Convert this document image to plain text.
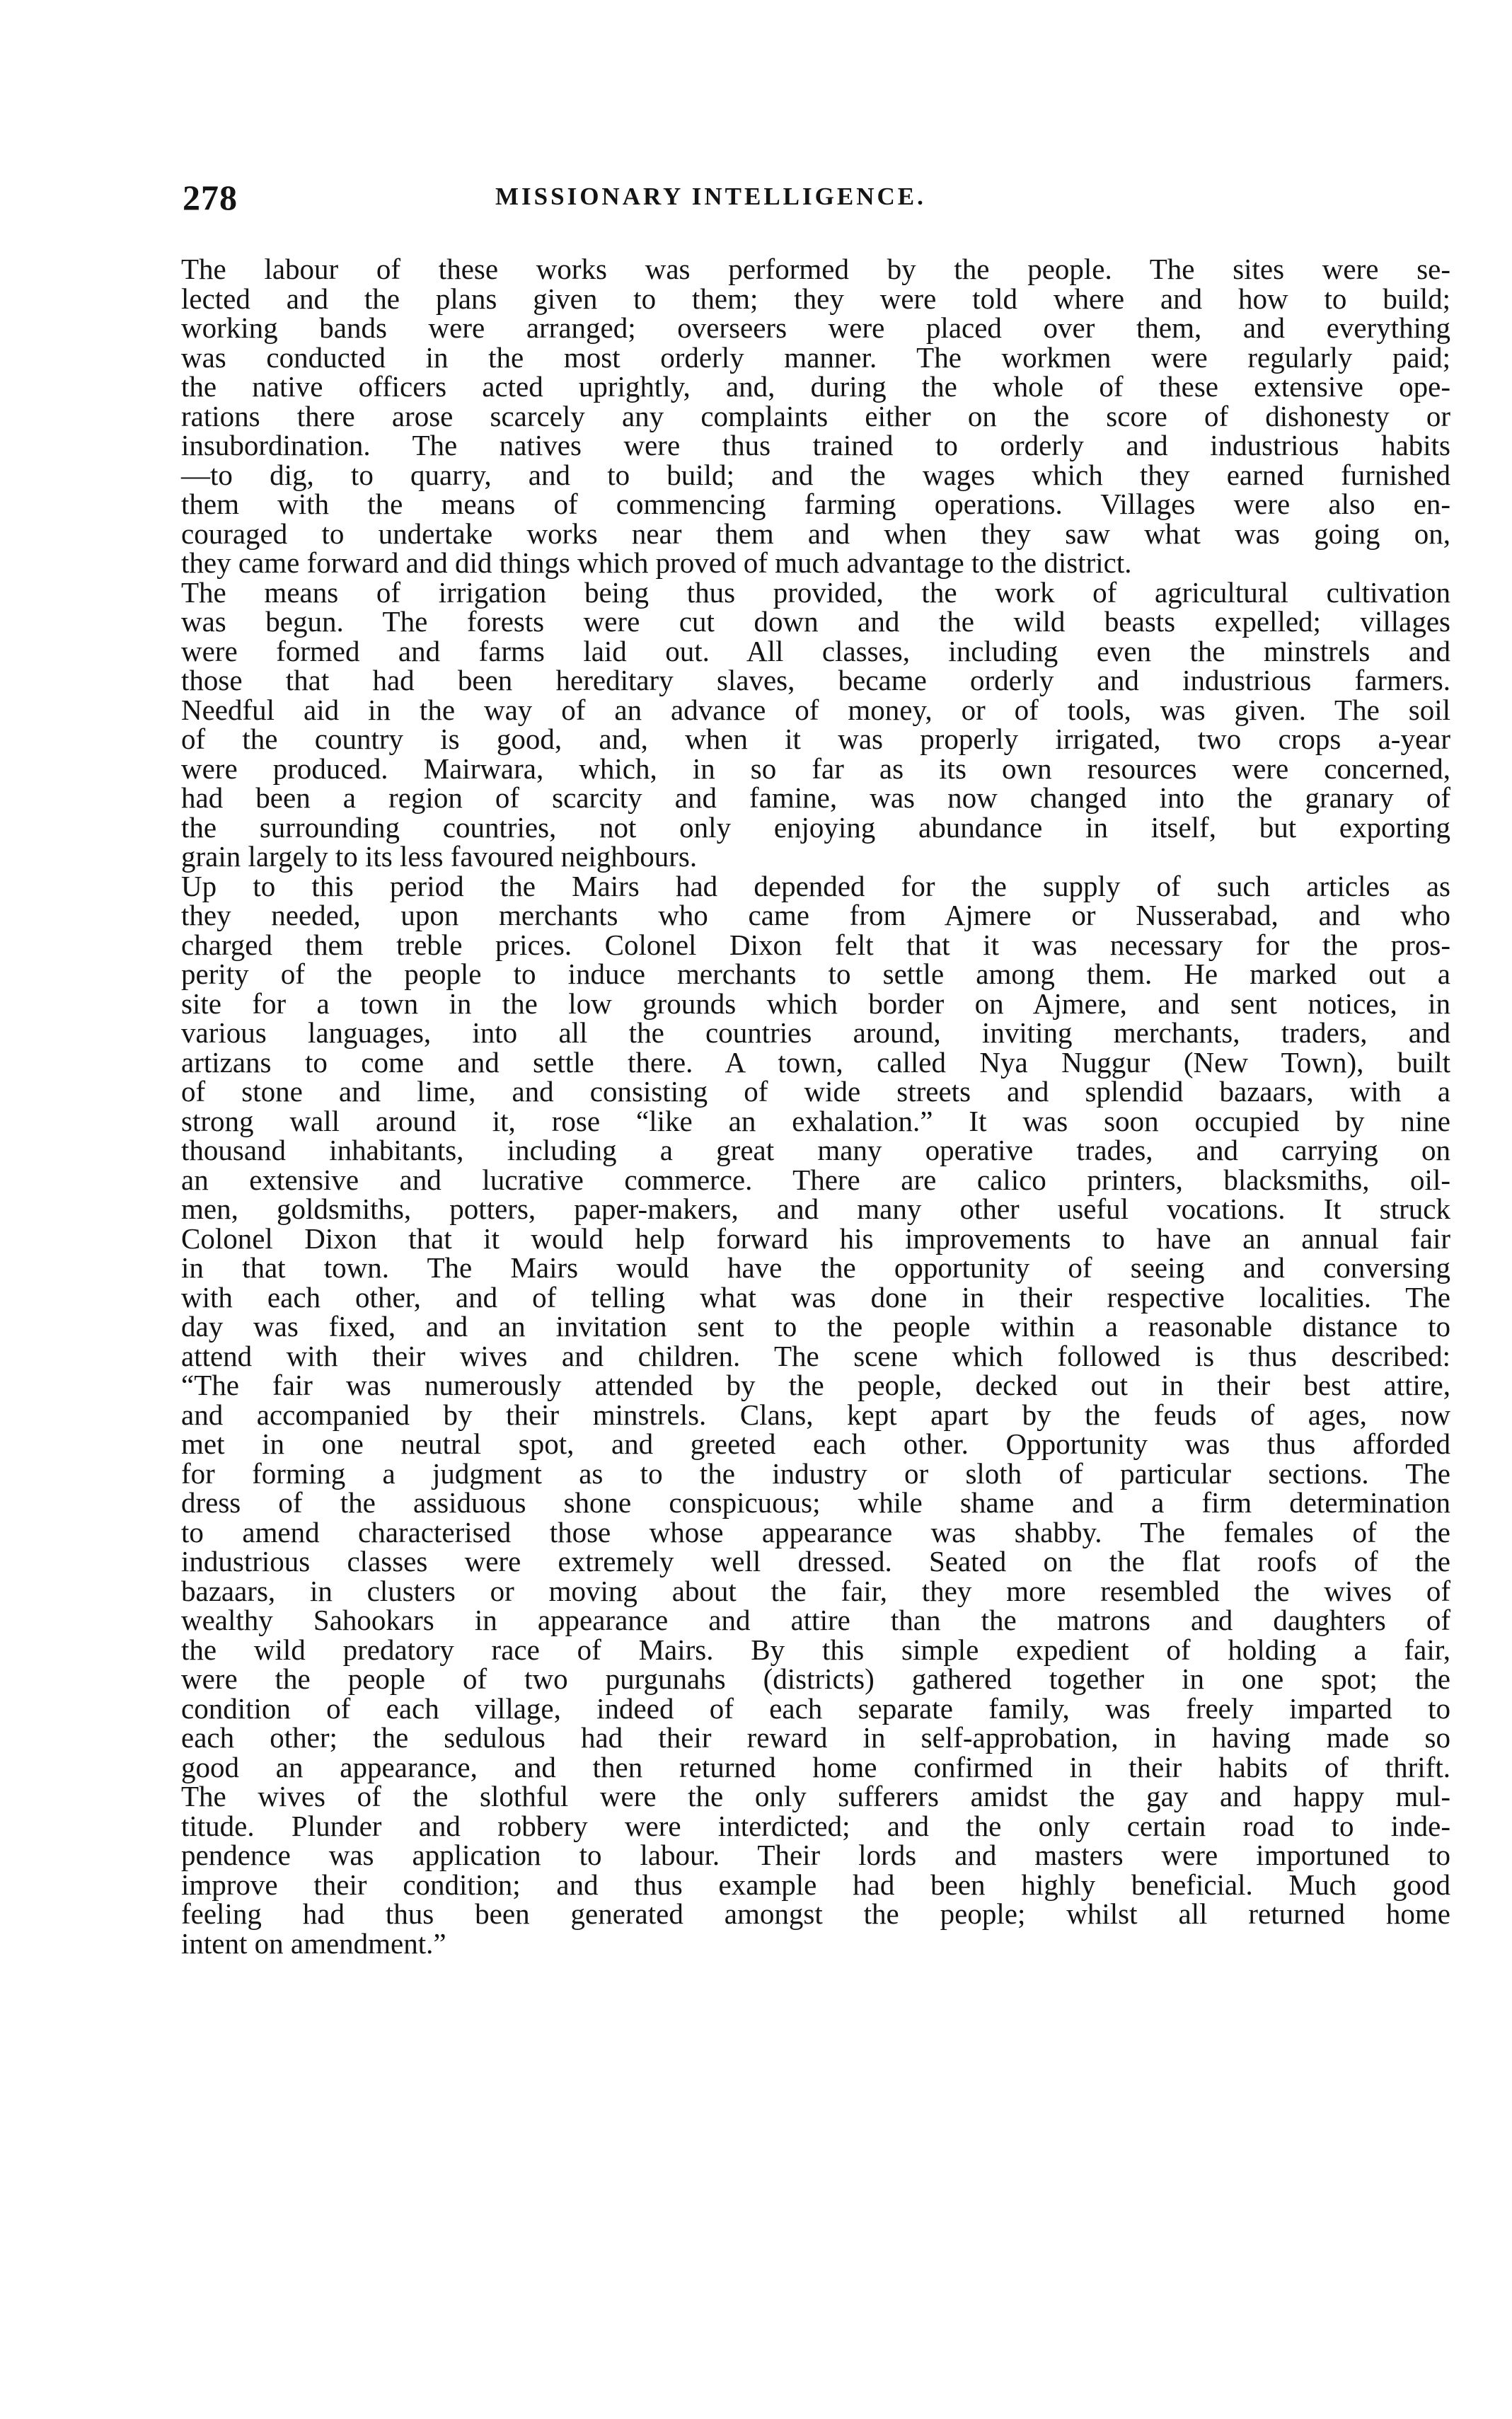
278	MISSIONARY INTELLIGENCE.
The labour of these works was performed by the people. The sites were se-
lected and the plans given to them; they were told where and how to build;
working bands were arranged; overseers were placed over them, and everything
was conducted in the most orderly manner. The workmen were regularly paid;
the native officers acted uprightly, and, during the whole of these extensive ope-
rations there arose scarcely any complaints either on the score of dishonesty or
insubordination. The natives were thus trained to orderly and industrious habits
—to dig, to quarry, and to build; and the wages which they earned furnished
them with the means of commencing farming operations. Villages were also en-
couraged to undertake works near them and when they saw what was going on,
they came forward and did things which proved of much advantage to the district.
The means of irrigation being thus provided, the work of agricultural cultivation
was begun. The forests were cut down and the wild beasts expelled; villages
were formed and farms laid out. All classes, including even the minstrels and
those that had been hereditary slaves, became orderly and industrious farmers.
Needful aid in the way of an advance of money, or of tools, was given. The soil
of the country is good, and, when it was properly irrigated, two crops a-year
were produced. Mairwara, which, in so far as its own resources were concerned,
had been a region of scarcity and famine, was now changed into the granary of
the surrounding countries, not only enjoying abundance in itself, but exporting
grain largely to its less favoured neighbours.
Up to this period the Mairs had depended for the supply of such articles as
they needed, upon merchants who came from Ajmere or Nusserabad, and who
charged them treble prices. Colonel Dixon felt that it was necessary for the pros-
perity of the people to induce merchants to settle among them. He marked out a
site for a town in the low grounds which border on Ajmere, and sent notices, in
various languages, into all the countries around, inviting merchants, traders, and
artizans to come and settle there. A town, called Nya Nuggur (New Town), built
of stone and lime, and consisting of wide streets and splendid bazaars, with a
strong wall around it, rose “like an exhalation.” It was soon occupied by nine
thousand inhabitants, including a great many operative trades, and carrying on
an extensive and lucrative commerce. There are calico printers, blacksmiths, oil-
men, goldsmiths, potters, paper-makers, and many other useful vocations. It struck
Colonel Dixon that it would help forward his improvements to have an annual fair
in that town. The Mairs would have the opportunity of seeing and conversing
with each other, and of telling what was done in their respective localities. The
day was fixed, and an invitation sent to the people within a reasonable distance to
attend with their wives and children. The scene which followed is thus described:
“The fair was numerously attended by the people, decked out in their best attire,
and accompanied by their minstrels. Clans, kept apart by the feuds of ages, now
met in one neutral spot, and greeted each other. Opportunity was thus afforded
for forming a judgment as to the industry or sloth of particular sections. The
dress of the assiduous shone conspicuous; while shame and a firm determination
to amend characterised those whose appearance was shabby. The females of the
industrious classes were extremely well dressed. Seated on the flat roofs of the
bazaars, in clusters or moving about the fair, they more resembled the wives of
wealthy Sahookars in appearance and attire than the matrons and daughters of
the wild predatory race of Mairs. By this simple expedient of holding a fair,
were the people of two purgunahs (districts) gathered together in one spot; the
condition of each village, indeed of each separate family, was freely imparted to
each other; the sedulous had their reward in self-approbation, in having made so
good an appearance, and then returned home confirmed in their habits of thrift.
The wives of the slothful were the only sufferers amidst the gay and happy mul-
titude. Plunder and robbery were interdicted; and the only certain road to inde-
pendence was application to labour. Their lords and masters were importuned to
improve their condition; and thus example had been highly beneficial. Much good
feeling had thus been generated amongst the people; whilst all returned home
intent on amendment.”
